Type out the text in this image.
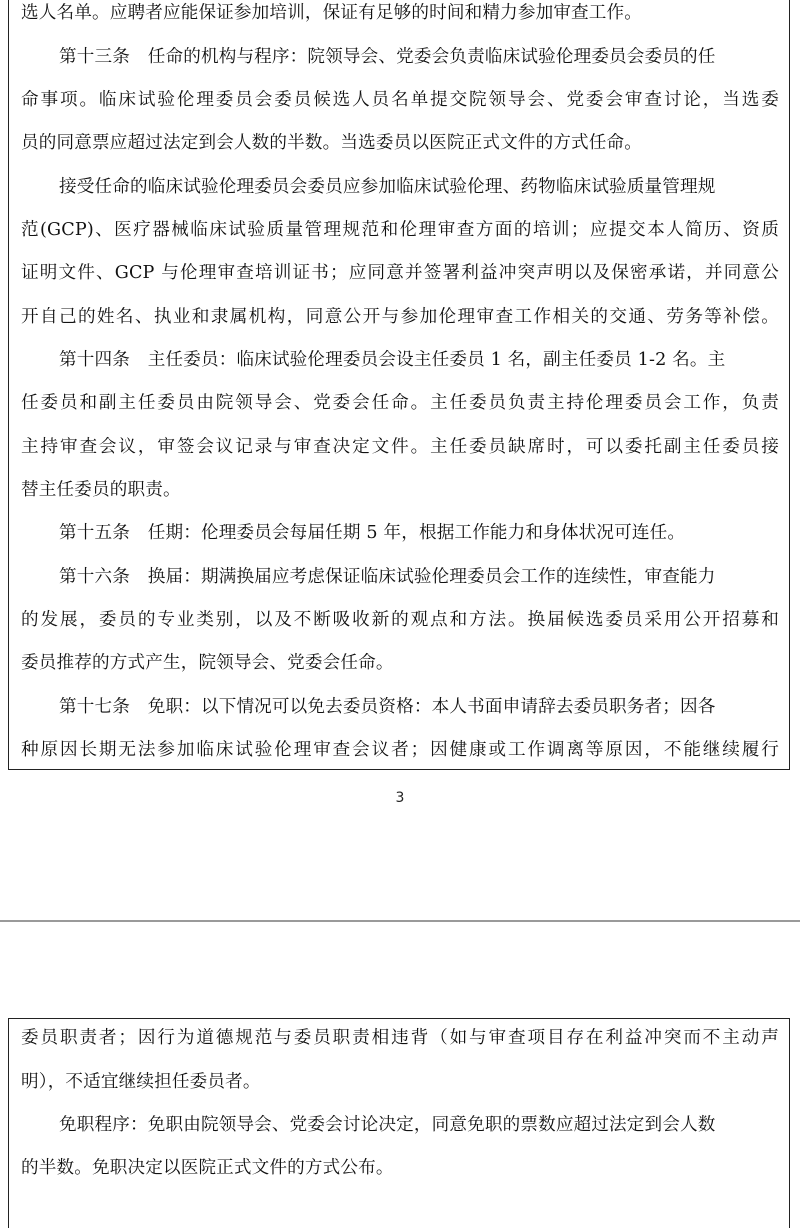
选人名单。应聘者应能保证参加培训，保证有足够的时间和精力参加审查工作。
第十三条　任命的机构与程序：院领导会、党委会负责临床试验伦理委员会委员的任
命事项。临床试验伦理委员会委员候选人员名单提交院领导会、党委会审查讨论，当选委
员的同意票应超过法定到会人数的半数。当选委员以医院正式文件的方式任命。
接受任命的临床试验伦理委员会委员应参加临床试验伦理、药物临床试验质量管理规
范(GCP)、医疗器械临床试验质量管理规范和伦理审查方面的培训；应提交本人简历、资质
证明文件、GCP 与伦理审查培训证书；应同意并签署利益冲突声明以及保密承诺，并同意公
开自己的姓名、执业和隶属机构，同意公开与参加伦理审查工作相关的交通、劳务等补偿。
第十四条　主任委员：临床试验伦理委员会设主任委员 1 名，副主任委员 1-2 名。主
任委员和副主任委员由院领导会、党委会任命。主任委员负责主持伦理委员会工作，负责
主持审查会议，审签会议记录与审查决定文件。主任委员缺席时，可以委托副主任委员接
替主任委员的职责。
第十五条　任期：伦理委员会每届任期 5 年，根据工作能力和身体状况可连任。
第十六条　换届：期满换届应考虑保证临床试验伦理委员会工作的连续性，审查能力
的发展，委员的专业类别，以及不断吸收新的观点和方法。换届候选委员采用公开招募和
委员推荐的方式产生，院领导会、党委会任命。
第十七条　免职：以下情况可以免去委员资格：本人书面申请辞去委员职务者；因各
种原因长期无法参加临床试验伦理审查会议者；因健康或工作调离等原因，不能继续履行
3
委员职责者；因行为道德规范与委员职责相违背（如与审查项目存在利益冲突而不主动声
明），不适宜继续担任委员者。
免职程序：免职由院领导会、党委会讨论决定，同意免职的票数应超过法定到会人数
的半数。免职决定以医院正式文件的方式公布。
